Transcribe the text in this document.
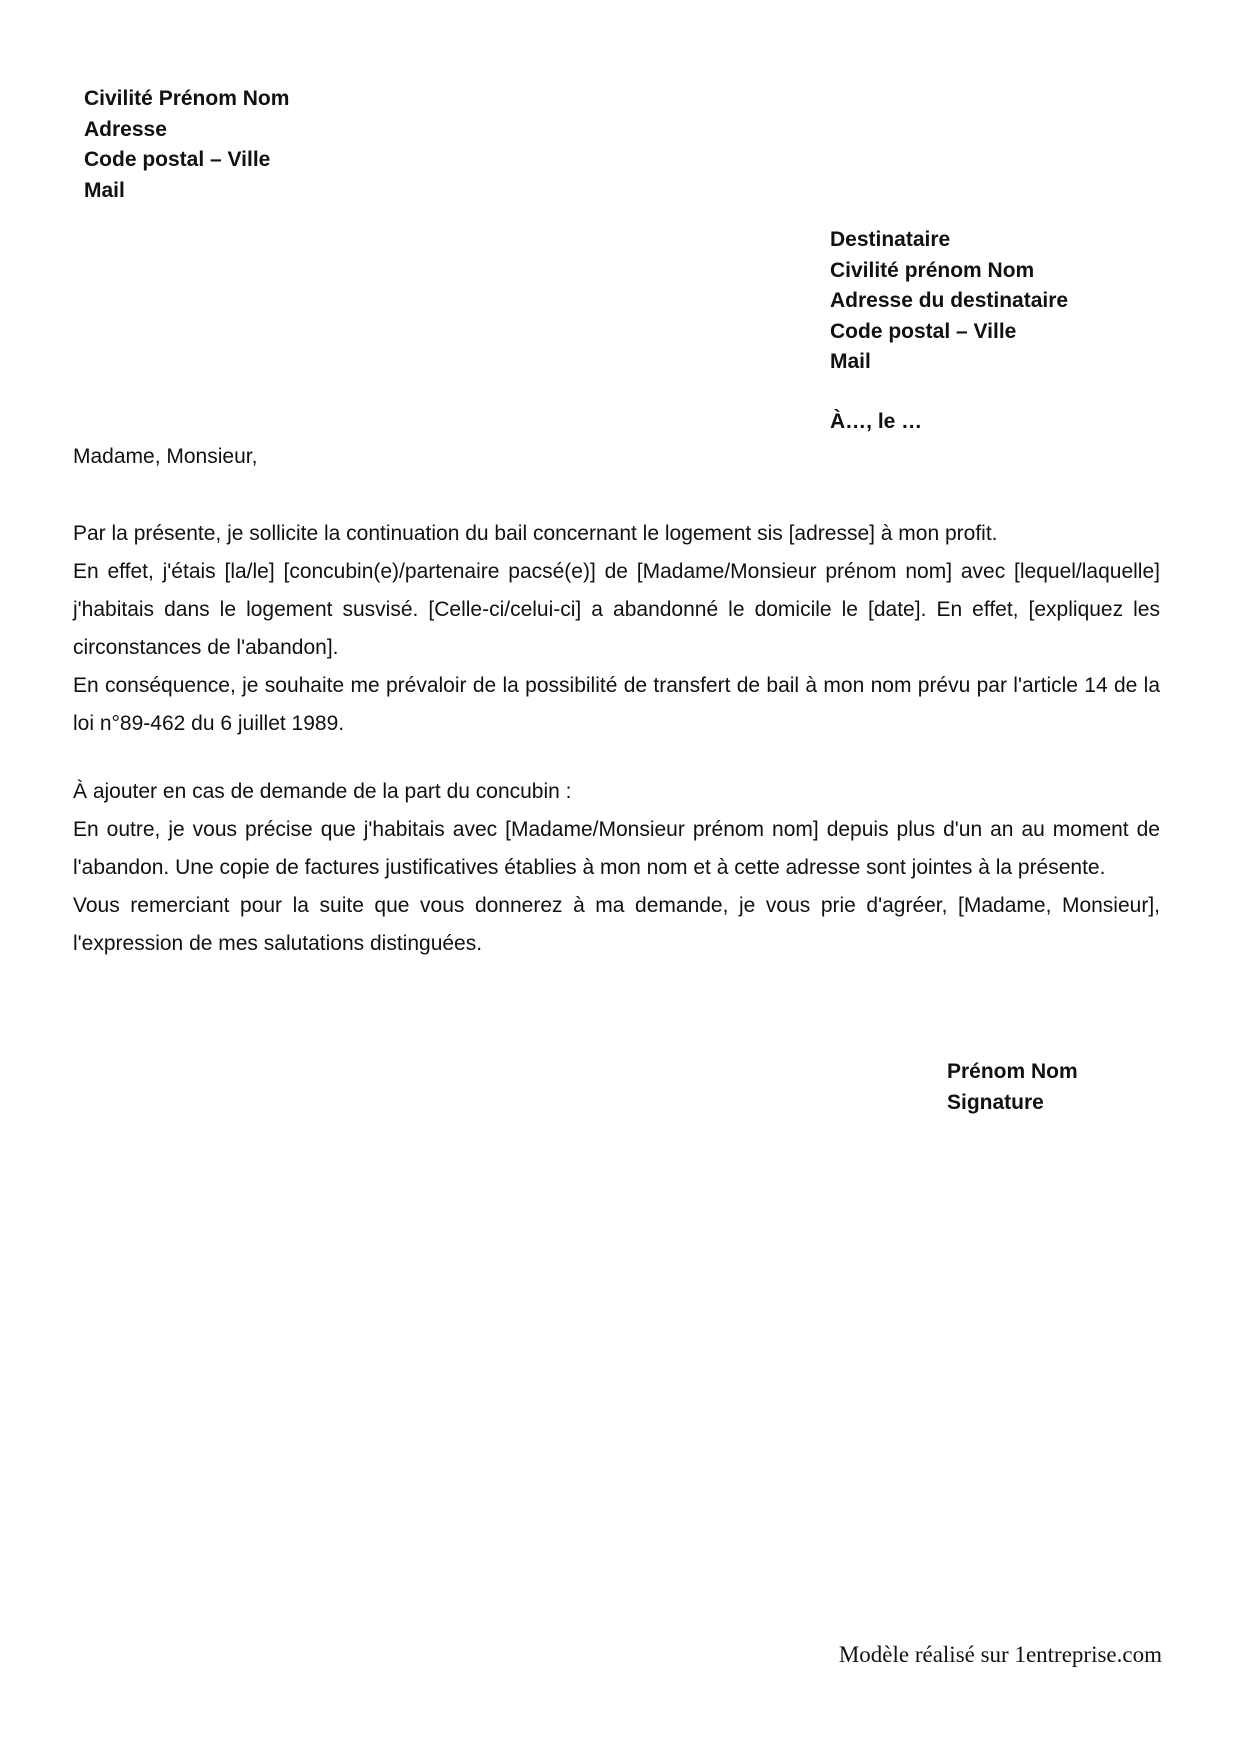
Civilité Prénom Nom
Adresse
Code postal – Ville
Mail
Destinataire
Civilité prénom Nom
Adresse du destinataire
Code postal – Ville
Mail
À…, le …
Madame, Monsieur,

Par la présente, je sollicite la continuation du bail concernant le logement sis [adresse] à mon profit.

En effet, j'étais [la/le] [concubin(e)/partenaire pacsé(e)] de [Madame/Monsieur prénom nom] avec [lequel/laquelle] j'habitais dans le logement susvisé. [Celle-ci/celui-ci] a abandonné le domicile le [date]. En effet, [expliquez les circonstances de l'abandon].

En conséquence, je souhaite me prévaloir de la possibilité de transfert de bail à mon nom prévu par l'article 14 de la loi n°89-462 du 6 juillet 1989.

À ajouter en cas de demande de la part du concubin :

En outre, je vous précise que j'habitais avec [Madame/Monsieur prénom nom] depuis plus d'un an au moment de l'abandon. Une copie de factures justificatives établies à mon nom et à cette adresse sont jointes à la présente.

Vous remerciant pour la suite que vous donnerez à ma demande, je vous prie d'agréer, [Madame, Monsieur], l'expression de mes salutations distinguées.

Prénom Nom
Signature
Modèle réalisé sur 1entreprise.com
